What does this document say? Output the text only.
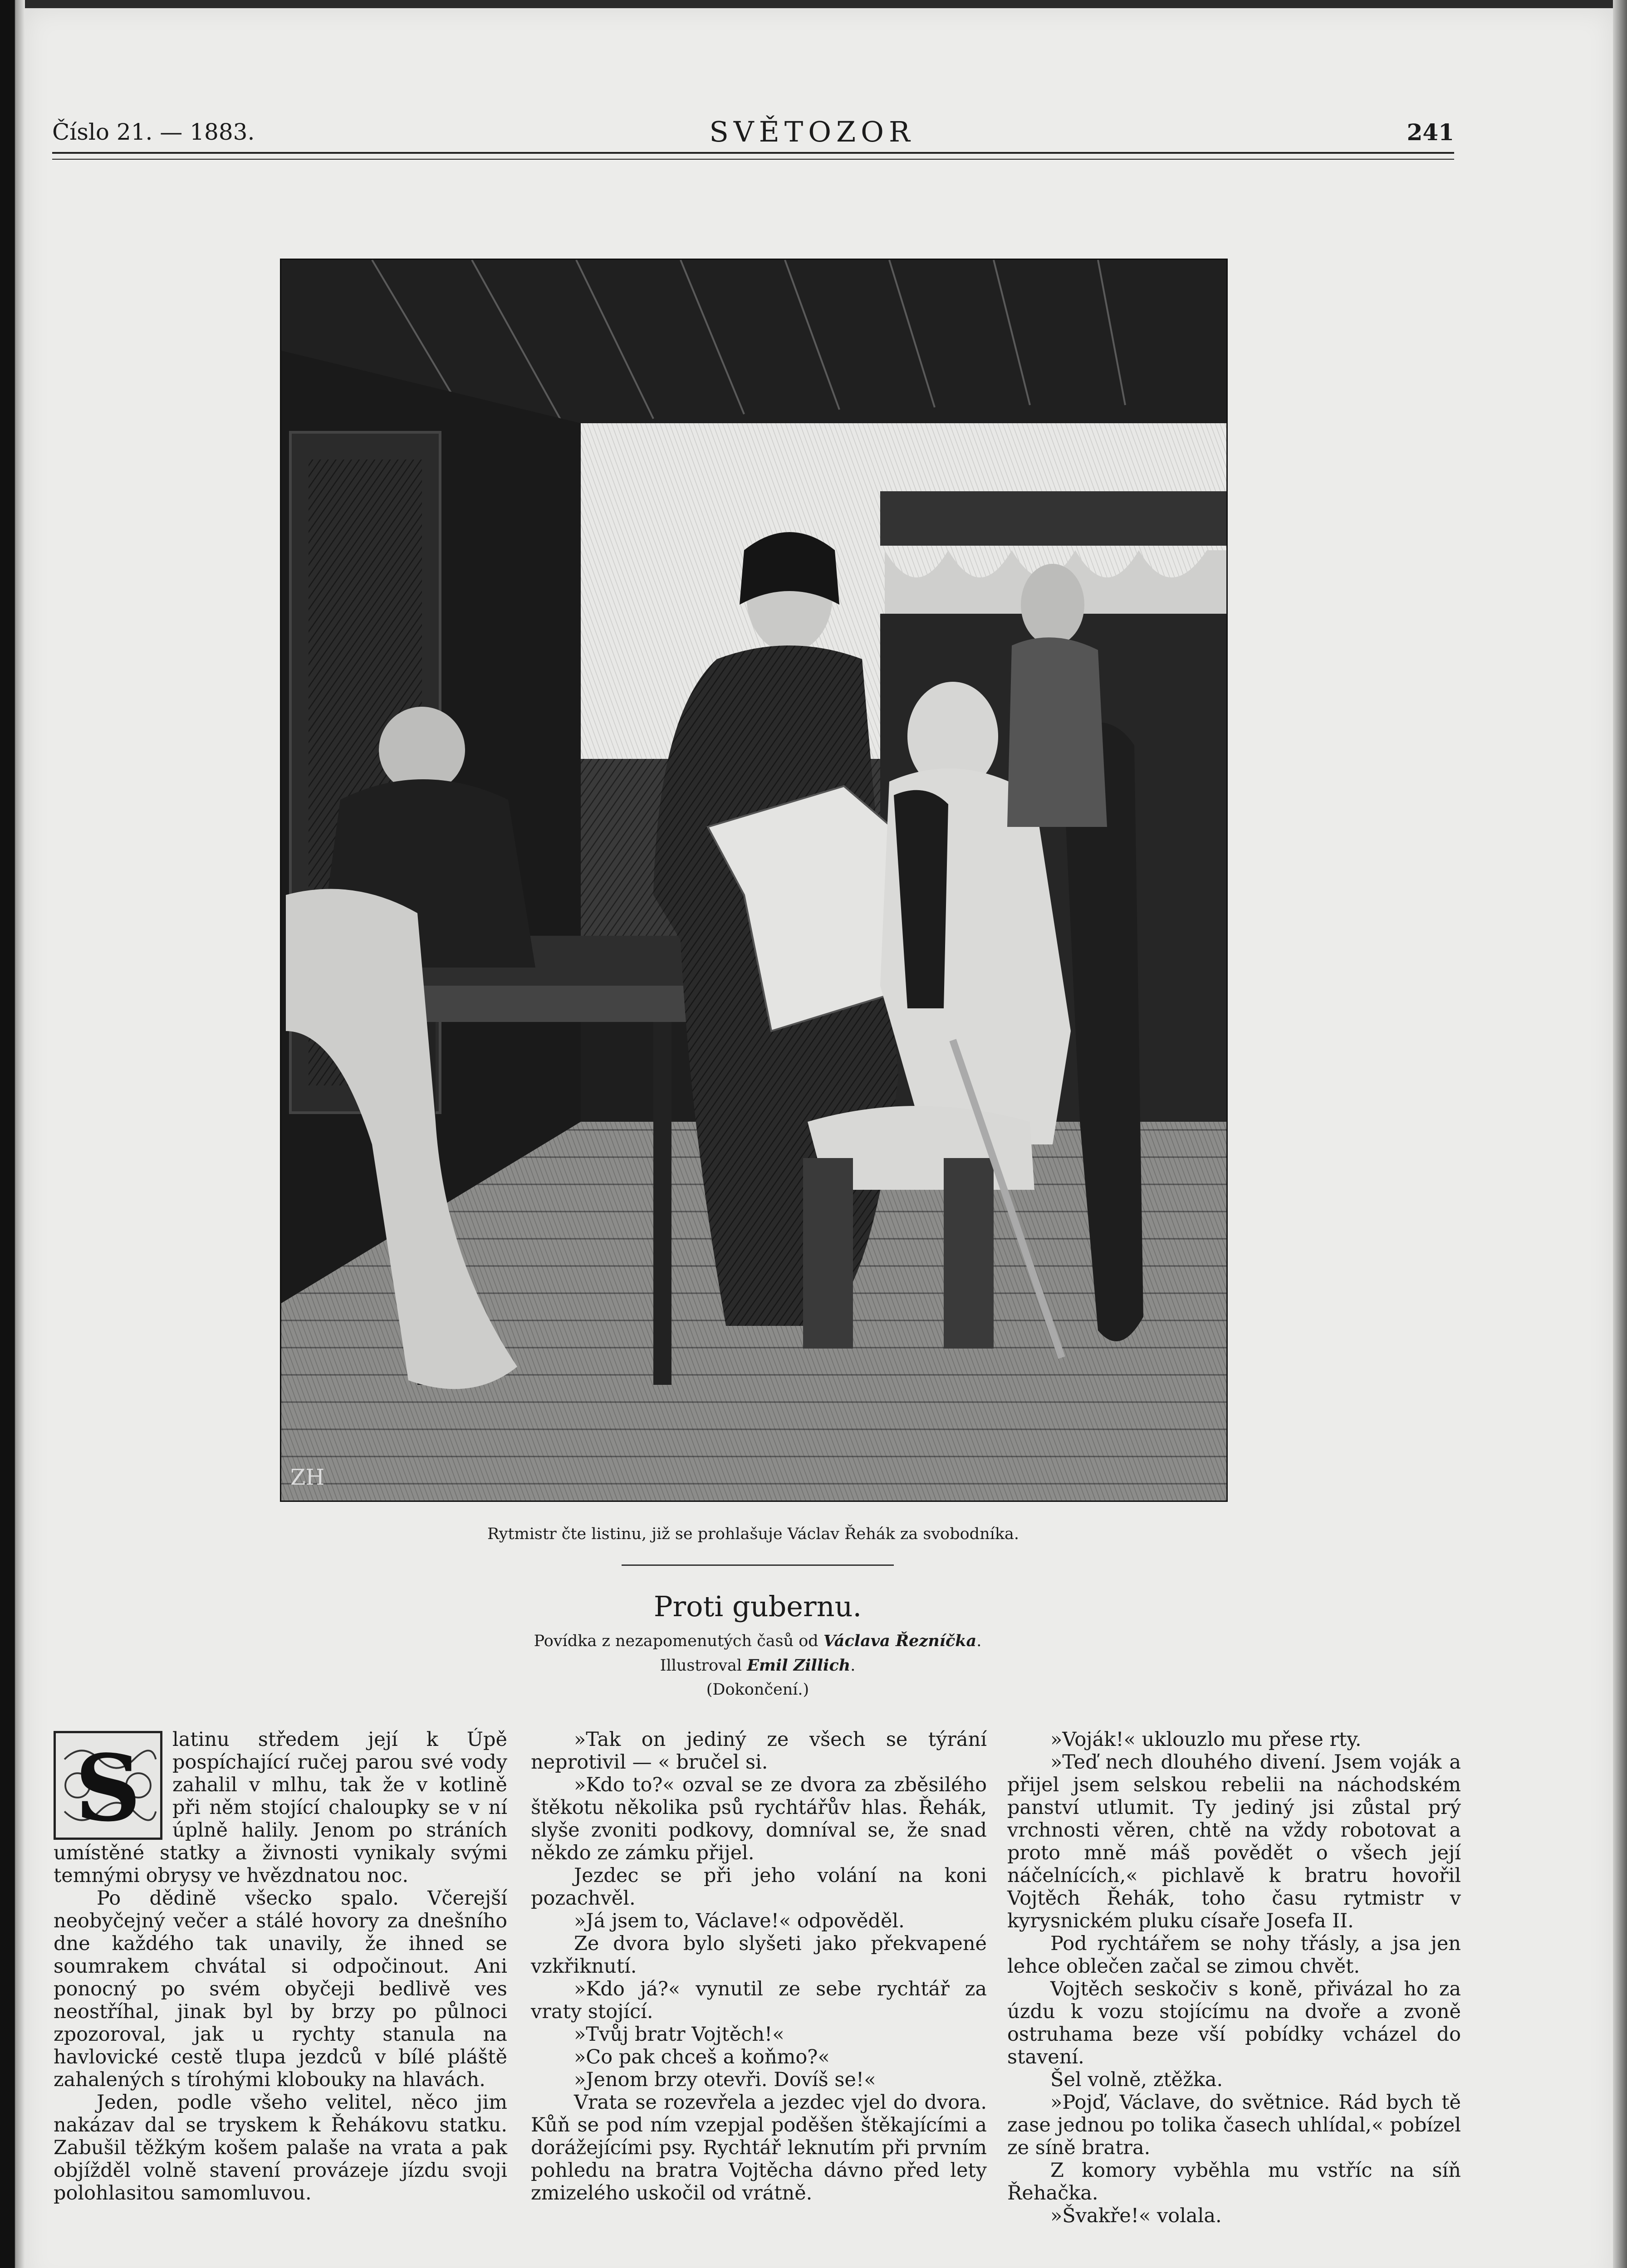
Číslo 21. — 1883.	SVĚTOZOR	241
ZH
Rytmistr čte listinu, již se prohlašuje Václav Řehák za svobodníka.
Proti gubernu.
Povídka z nezapomenutých časů od Václava Řezníčka.
Illustroval Emil Zillich.
(Dokončení.)
S	latinu středem její k Úpě pospíchající ručej parou své vody zahalil v mlhu, tak že v kotlině při něm stojící chaloupky se v ní úplně halily. Jenom po stráních umístěné statky a živnosti vynikaly svými temnými obrysy ve hvězdnatou noc.

Po dědině všecko spalo. Včerejší neobyčejný večer a stálé hovory za dnešního dne každého tak unavily, že ihned se soumrakem chvátal si odpočinout. Ani ponocný po svém obyčeji bedlivě ves neostříhal, jinak byl by brzy po půlnoci zpozoroval, jak u rychty stanula na havlovické cestě tlupa jezdců v bílé pláště zahalených s tírohými klobouky na hlavách.

Jeden, podle všeho velitel, něco jim nakázav dal se tryskem k Řehákovu statku. Zabušil těžkým košem palaše na vrata a pak objížděl volně stavení provázeje jízdu svoji polohlasitou samomluvou.

»Tak on jediný ze všech se týrání neprotivil — « bručel si.

»Kdo to?« ozval se ze dvora za zběsilého štěkotu několika psů rychtářův hlas. Řehák, slyše zvoniti podkovy, domníval se, že snad někdo ze zámku přijel.

Jezdec se při jeho volání na koni pozachvěl.

»Já jsem to, Václave!« odpověděl.

Ze dvora bylo slyšeti jako překvapené vzkřiknutí.

»Kdo já?« vynutil ze sebe rychtář za vraty stojící.

»Tvůj bratr Vojtěch!«

»Co pak chceš a koňmo?«

»Jenom brzy otevři. Dovíš se!«

Vrata se rozevřela a jezdec vjel do dvora. Kůň se pod ním vzepjal poděšen štěkajícími a dorážejícími psy. Rychtář leknutím při prvním pohledu na bratra Vojtěcha dávno před lety zmizelého uskočil od vrátně.

»Voják!« uklouzlo mu přese rty.

»Teď nech dlouhého divení. Jsem voják a přijel jsem selskou rebelii na náchodském panství utlumit. Ty jediný jsi zůstal prý vrchnosti věren, chtě na vždy robotovat a proto mně máš povědět o všech její náčelnících,« pichlavě k bratru hovořil Vojtěch Řehák, toho času rytmistr v kyrysnickém pluku císaře Josefa II.

Pod rychtářem se nohy třásly, a jsa jen lehce oblečen začal se zimou chvět.

Vojtěch seskočiv s koně, přivázal ho za úzdu k vozu stojícímu na dvoře a zvoně ostruhama beze vší pobídky vcházel do stavení.

Šel volně, ztěžka.

»Pojď, Václave, do světnice. Rád bych tě zase jednou po tolika časech uhlídal,« pobízel ze síně bratra.

Z komory vyběhla mu vstříc na síň Řehačka.

»Švakře!« volala.
